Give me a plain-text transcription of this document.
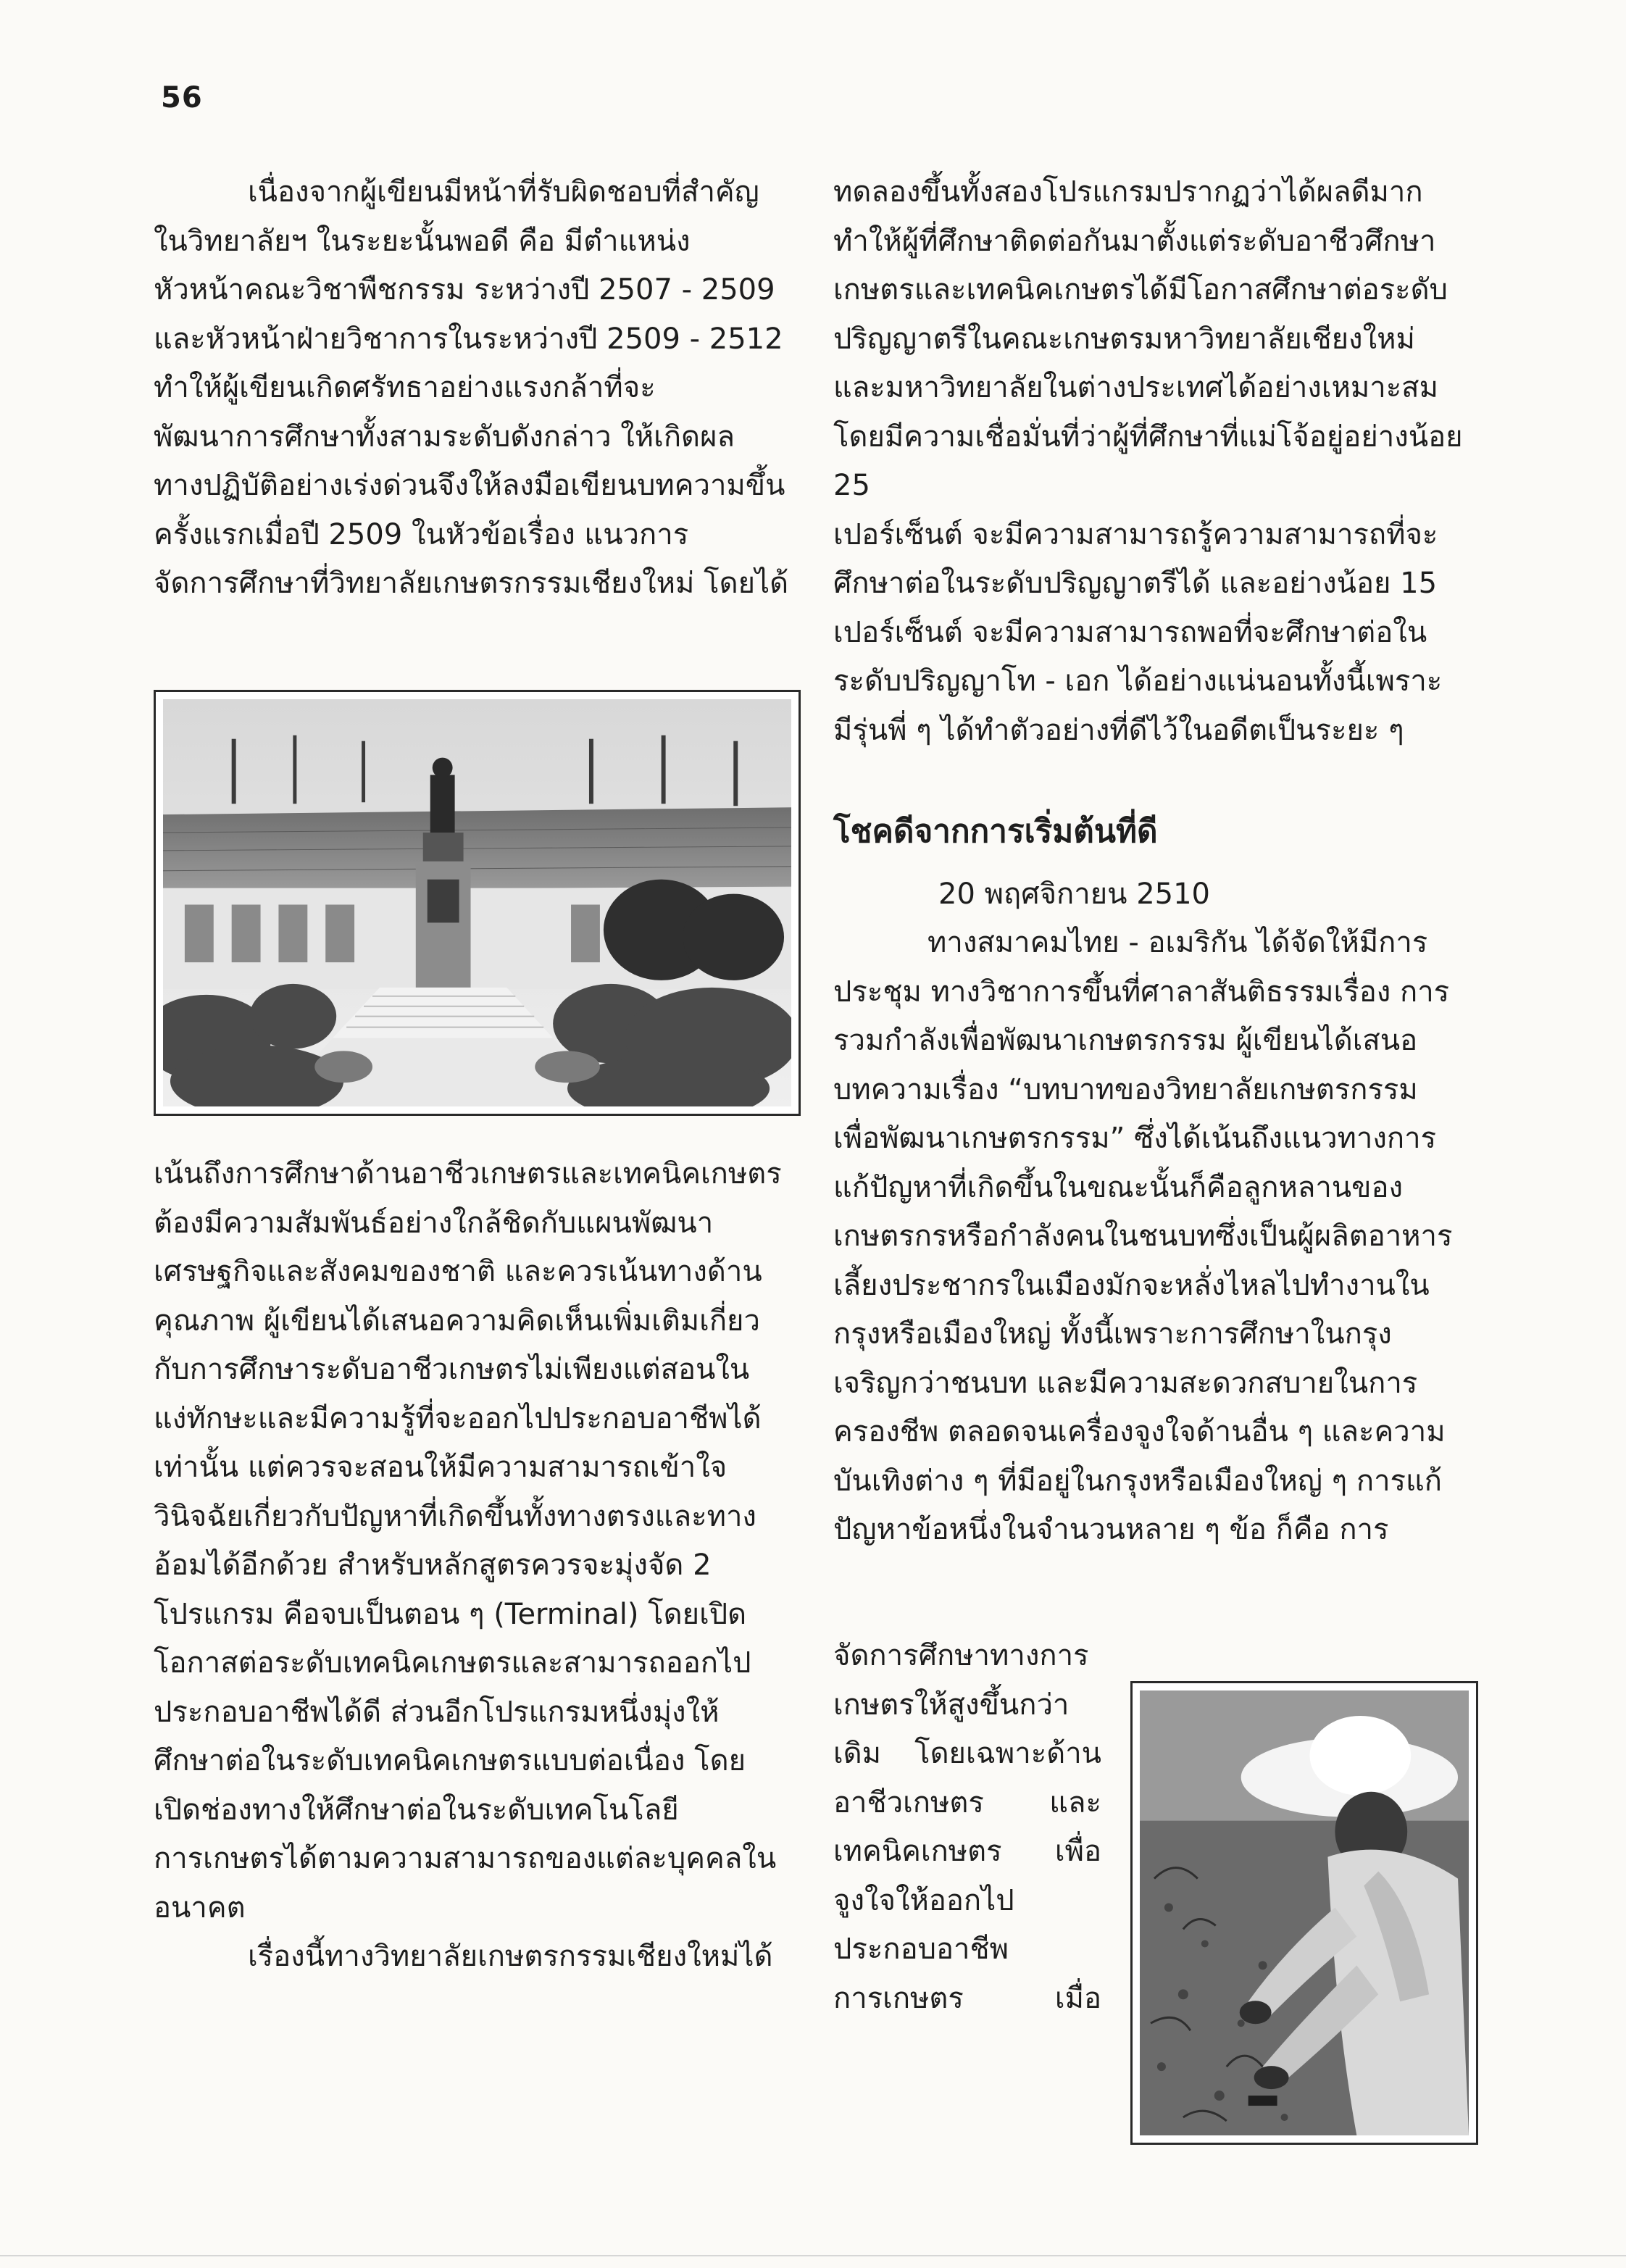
56
เนื่องจากผู้เขียนมีหน้าที่รับผิดชอบที่สำคัญ
ในวิทยาลัยฯ ในระยะนั้นพอดี คือ มีตำแหน่ง
หัวหน้าคณะวิชาพืชกรรม ระหว่างปี 2507 - 2509
และหัวหน้าฝ่ายวิชาการในระหว่างปี 2509 - 2512
ทำให้ผู้เขียนเกิดศรัทธาอย่างแรงกล้าที่จะ
พัฒนาการศึกษาทั้งสามระดับดังกล่าว ให้เกิดผล
ทางปฏิบัติอย่างเร่งด่วนจึงให้ลงมือเขียนบทความขึ้น
ครั้งแรกเมื่อปี 2509 ในหัวข้อเรื่อง แนวการ
จัดการศึกษาที่วิทยาลัยเกษตรกรรมเชียงใหม่ โดยได้
เน้นถึงการศึกษาด้านอาชีวเกษตรและเทคนิคเกษตร
ต้องมีความสัมพันธ์อย่างใกล้ชิดกับแผนพัฒนา
เศรษฐกิจและสังคมของชาติ และควรเน้นทางด้าน
คุณภาพ ผู้เขียนได้เสนอความคิดเห็นเพิ่มเติมเกี่ยว
กับการศึกษาระดับอาชีวเกษตรไม่เพียงแต่สอนใน
แง่ทักษะและมีความรู้ที่จะออกไปประกอบอาชีพได้
เท่านั้น แต่ควรจะสอนให้มีความสามารถเข้าใจ
วินิจฉัยเกี่ยวกับปัญหาที่เกิดขึ้นทั้งทางตรงและทาง
อ้อมได้อีกด้วย สำหรับหลักสูตรควรจะมุ่งจัด 2
โปรแกรม คือจบเป็นตอน ๆ (Terminal) โดยเปิด
โอกาสต่อระดับเทคนิคเกษตรและสามารถออกไป
ประกอบอาชีพได้ดี ส่วนอีกโปรแกรมหนึ่งมุ่งให้
ศึกษาต่อในระดับเทคนิคเกษตรแบบต่อเนื่อง โดย
เปิดช่องทางให้ศึกษาต่อในระดับเทคโนโลยี
การเกษตรได้ตามความสามารถของแต่ละบุคคลใน
อนาคต
เรื่องนี้ทางวิทยาลัยเกษตรกรรมเชียงใหม่ได้
ทดลองขึ้นทั้งสองโปรแกรมปรากฏว่าได้ผลดีมาก
ทำให้ผู้ที่ศึกษาติดต่อกันมาตั้งแต่ระดับอาชีวศึกษา
เกษตรและเทคนิคเกษตรได้มีโอกาสศึกษาต่อระดับ
ปริญญาตรีในคณะเกษตรมหาวิทยาลัยเชียงใหม่
และมหาวิทยาลัยในต่างประเทศได้อย่างเหมาะสม
โดยมีความเชื่อมั่นที่ว่าผู้ที่ศึกษาที่แม่โจ้อยู่อย่างน้อย 25
เปอร์เซ็นต์ จะมีความสามารถรู้ความสามารถที่จะ
ศึกษาต่อในระดับปริญญาตรีได้ และอย่างน้อย 15
เปอร์เซ็นต์ จะมีความสามารถพอที่จะศึกษาต่อใน
ระดับปริญญาโท - เอก ได้อย่างแน่นอนทั้งนี้เพราะ
มีรุ่นพี่ ๆ ได้ทำตัวอย่างที่ดีไว้ในอดีตเป็นระยะ ๆ
โชคดีจากการเริ่มต้นที่ดี
20 พฤศจิกายน 2510
ทางสมาคมไทย - อเมริกัน ได้จัดให้มีการ
ประชุม ทางวิชาการขึ้นที่ศาลาสันติธรรมเรื่อง การ
รวมกำลังเพื่อพัฒนาเกษตรกรรม ผู้เขียนได้เสนอ
บทความเรื่อง “บทบาทของวิทยาลัยเกษตรกรรม
เพื่อพัฒนาเกษตรกรรม” ซึ่งได้เน้นถึงแนวทางการ
แก้ปัญหาที่เกิดขึ้นในขณะนั้นก็คือลูกหลานของ
เกษตรกรหรือกำลังคนในชนบทซึ่งเป็นผู้ผลิตอาหาร
เลี้ยงประชากรในเมืองมักจะหลั่งไหลไปทำงานใน
กรุงหรือเมืองใหญ่ ทั้งนี้เพราะการศึกษาในกรุง
เจริญกว่าชนบท และมีความสะดวกสบายในการ
ครองชีพ ตลอดจนเครื่องจูงใจด้านอื่น ๆ และความ
บันเทิงต่าง ๆ ที่มีอยู่ในกรุงหรือเมืองใหญ่ ๆ การแก้
ปัญหาข้อหนึ่งในจำนวนหลาย ๆ ข้อ ก็คือ การ
จัดการศึกษาทางการ
เกษตรให้สูงขึ้นกว่า
เดิม โดยเฉพาะด้าน
อาชีวเกษตร และ
เทคนิคเกษตร เพื่อ
จูงใจให้ออกไป
ประกอบอาชีพ
การเกษตร เมื่อ
